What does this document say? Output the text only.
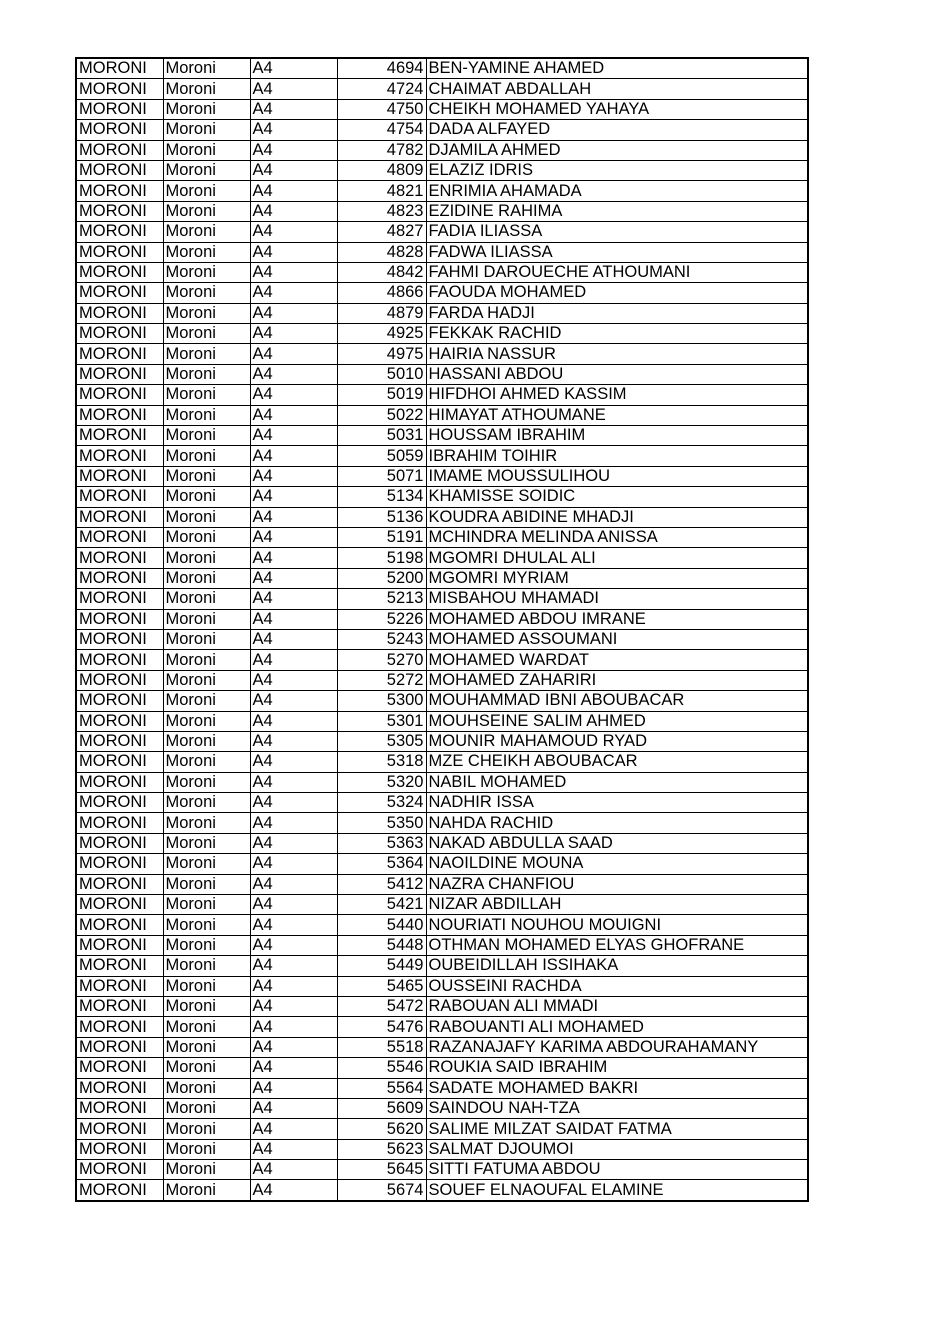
MORONI	Moroni	A4	4694	BEN-YAMINE AHAMED
MORONI	Moroni	A4	4724	CHAIMAT ABDALLAH
MORONI	Moroni	A4	4750	CHEIKH MOHAMED YAHAYA
MORONI	Moroni	A4	4754	DADA ALFAYED
MORONI	Moroni	A4	4782	DJAMILA AHMED
MORONI	Moroni	A4	4809	ELAZIZ IDRIS
MORONI	Moroni	A4	4821	ENRIMIA AHAMADA
MORONI	Moroni	A4	4823	EZIDINE RAHIMA
MORONI	Moroni	A4	4827	FADIA ILIASSA
MORONI	Moroni	A4	4828	FADWA ILIASSA
MORONI	Moroni	A4	4842	FAHMI DAROUECHE ATHOUMANI
MORONI	Moroni	A4	4866	FAOUDA MOHAMED
MORONI	Moroni	A4	4879	FARDA HADJI
MORONI	Moroni	A4	4925	FEKKAK RACHID
MORONI	Moroni	A4	4975	HAIRIA NASSUR
MORONI	Moroni	A4	5010	HASSANI ABDOU
MORONI	Moroni	A4	5019	HIFDHOI AHMED KASSIM
MORONI	Moroni	A4	5022	HIMAYAT ATHOUMANE
MORONI	Moroni	A4	5031	HOUSSAM IBRAHIM
MORONI	Moroni	A4	5059	IBRAHIM TOIHIR
MORONI	Moroni	A4	5071	IMAME MOUSSULIHOU
MORONI	Moroni	A4	5134	KHAMISSE SOIDIC
MORONI	Moroni	A4	5136	KOUDRA ABIDINE MHADJI
MORONI	Moroni	A4	5191	MCHINDRA MELINDA ANISSA
MORONI	Moroni	A4	5198	MGOMRI DHULAL ALI
MORONI	Moroni	A4	5200	MGOMRI MYRIAM
MORONI	Moroni	A4	5213	MISBAHOU MHAMADI
MORONI	Moroni	A4	5226	MOHAMED ABDOU IMRANE
MORONI	Moroni	A4	5243	MOHAMED ASSOUMANI
MORONI	Moroni	A4	5270	MOHAMED WARDAT
MORONI	Moroni	A4	5272	MOHAMED ZAHARIRI
MORONI	Moroni	A4	5300	MOUHAMMAD IBNI ABOUBACAR
MORONI	Moroni	A4	5301	MOUHSEINE SALIM AHMED
MORONI	Moroni	A4	5305	MOUNIR MAHAMOUD RYAD
MORONI	Moroni	A4	5318	MZE CHEIKH ABOUBACAR
MORONI	Moroni	A4	5320	NABIL MOHAMED
MORONI	Moroni	A4	5324	NADHIR ISSA
MORONI	Moroni	A4	5350	NAHDA RACHID
MORONI	Moroni	A4	5363	NAKAD ABDULLA SAAD
MORONI	Moroni	A4	5364	NAOILDINE MOUNA
MORONI	Moroni	A4	5412	NAZRA CHANFIOU
MORONI	Moroni	A4	5421	NIZAR ABDILLAH
MORONI	Moroni	A4	5440	NOURIATI NOUHOU MOUIGNI
MORONI	Moroni	A4	5448	OTHMAN MOHAMED ELYAS GHOFRANE
MORONI	Moroni	A4	5449	OUBEIDILLAH ISSIHAKA
MORONI	Moroni	A4	5465	OUSSEINI RACHDA
MORONI	Moroni	A4	5472	RABOUAN ALI MMADI
MORONI	Moroni	A4	5476	RABOUANTI ALI MOHAMED
MORONI	Moroni	A4	5518	RAZANAJAFY KARIMA ABDOURAHAMANY
MORONI	Moroni	A4	5546	ROUKIA SAID IBRAHIM
MORONI	Moroni	A4	5564	SADATE MOHAMED BAKRI
MORONI	Moroni	A4	5609	SAINDOU NAH-TZA
MORONI	Moroni	A4	5620	SALIME MILZAT SAIDAT FATMA
MORONI	Moroni	A4	5623	SALMAT DJOUMOI
MORONI	Moroni	A4	5645	SITTI FATUMA ABDOU
MORONI	Moroni	A4	5674	SOUEF ELNAOUFAL ELAMINE
